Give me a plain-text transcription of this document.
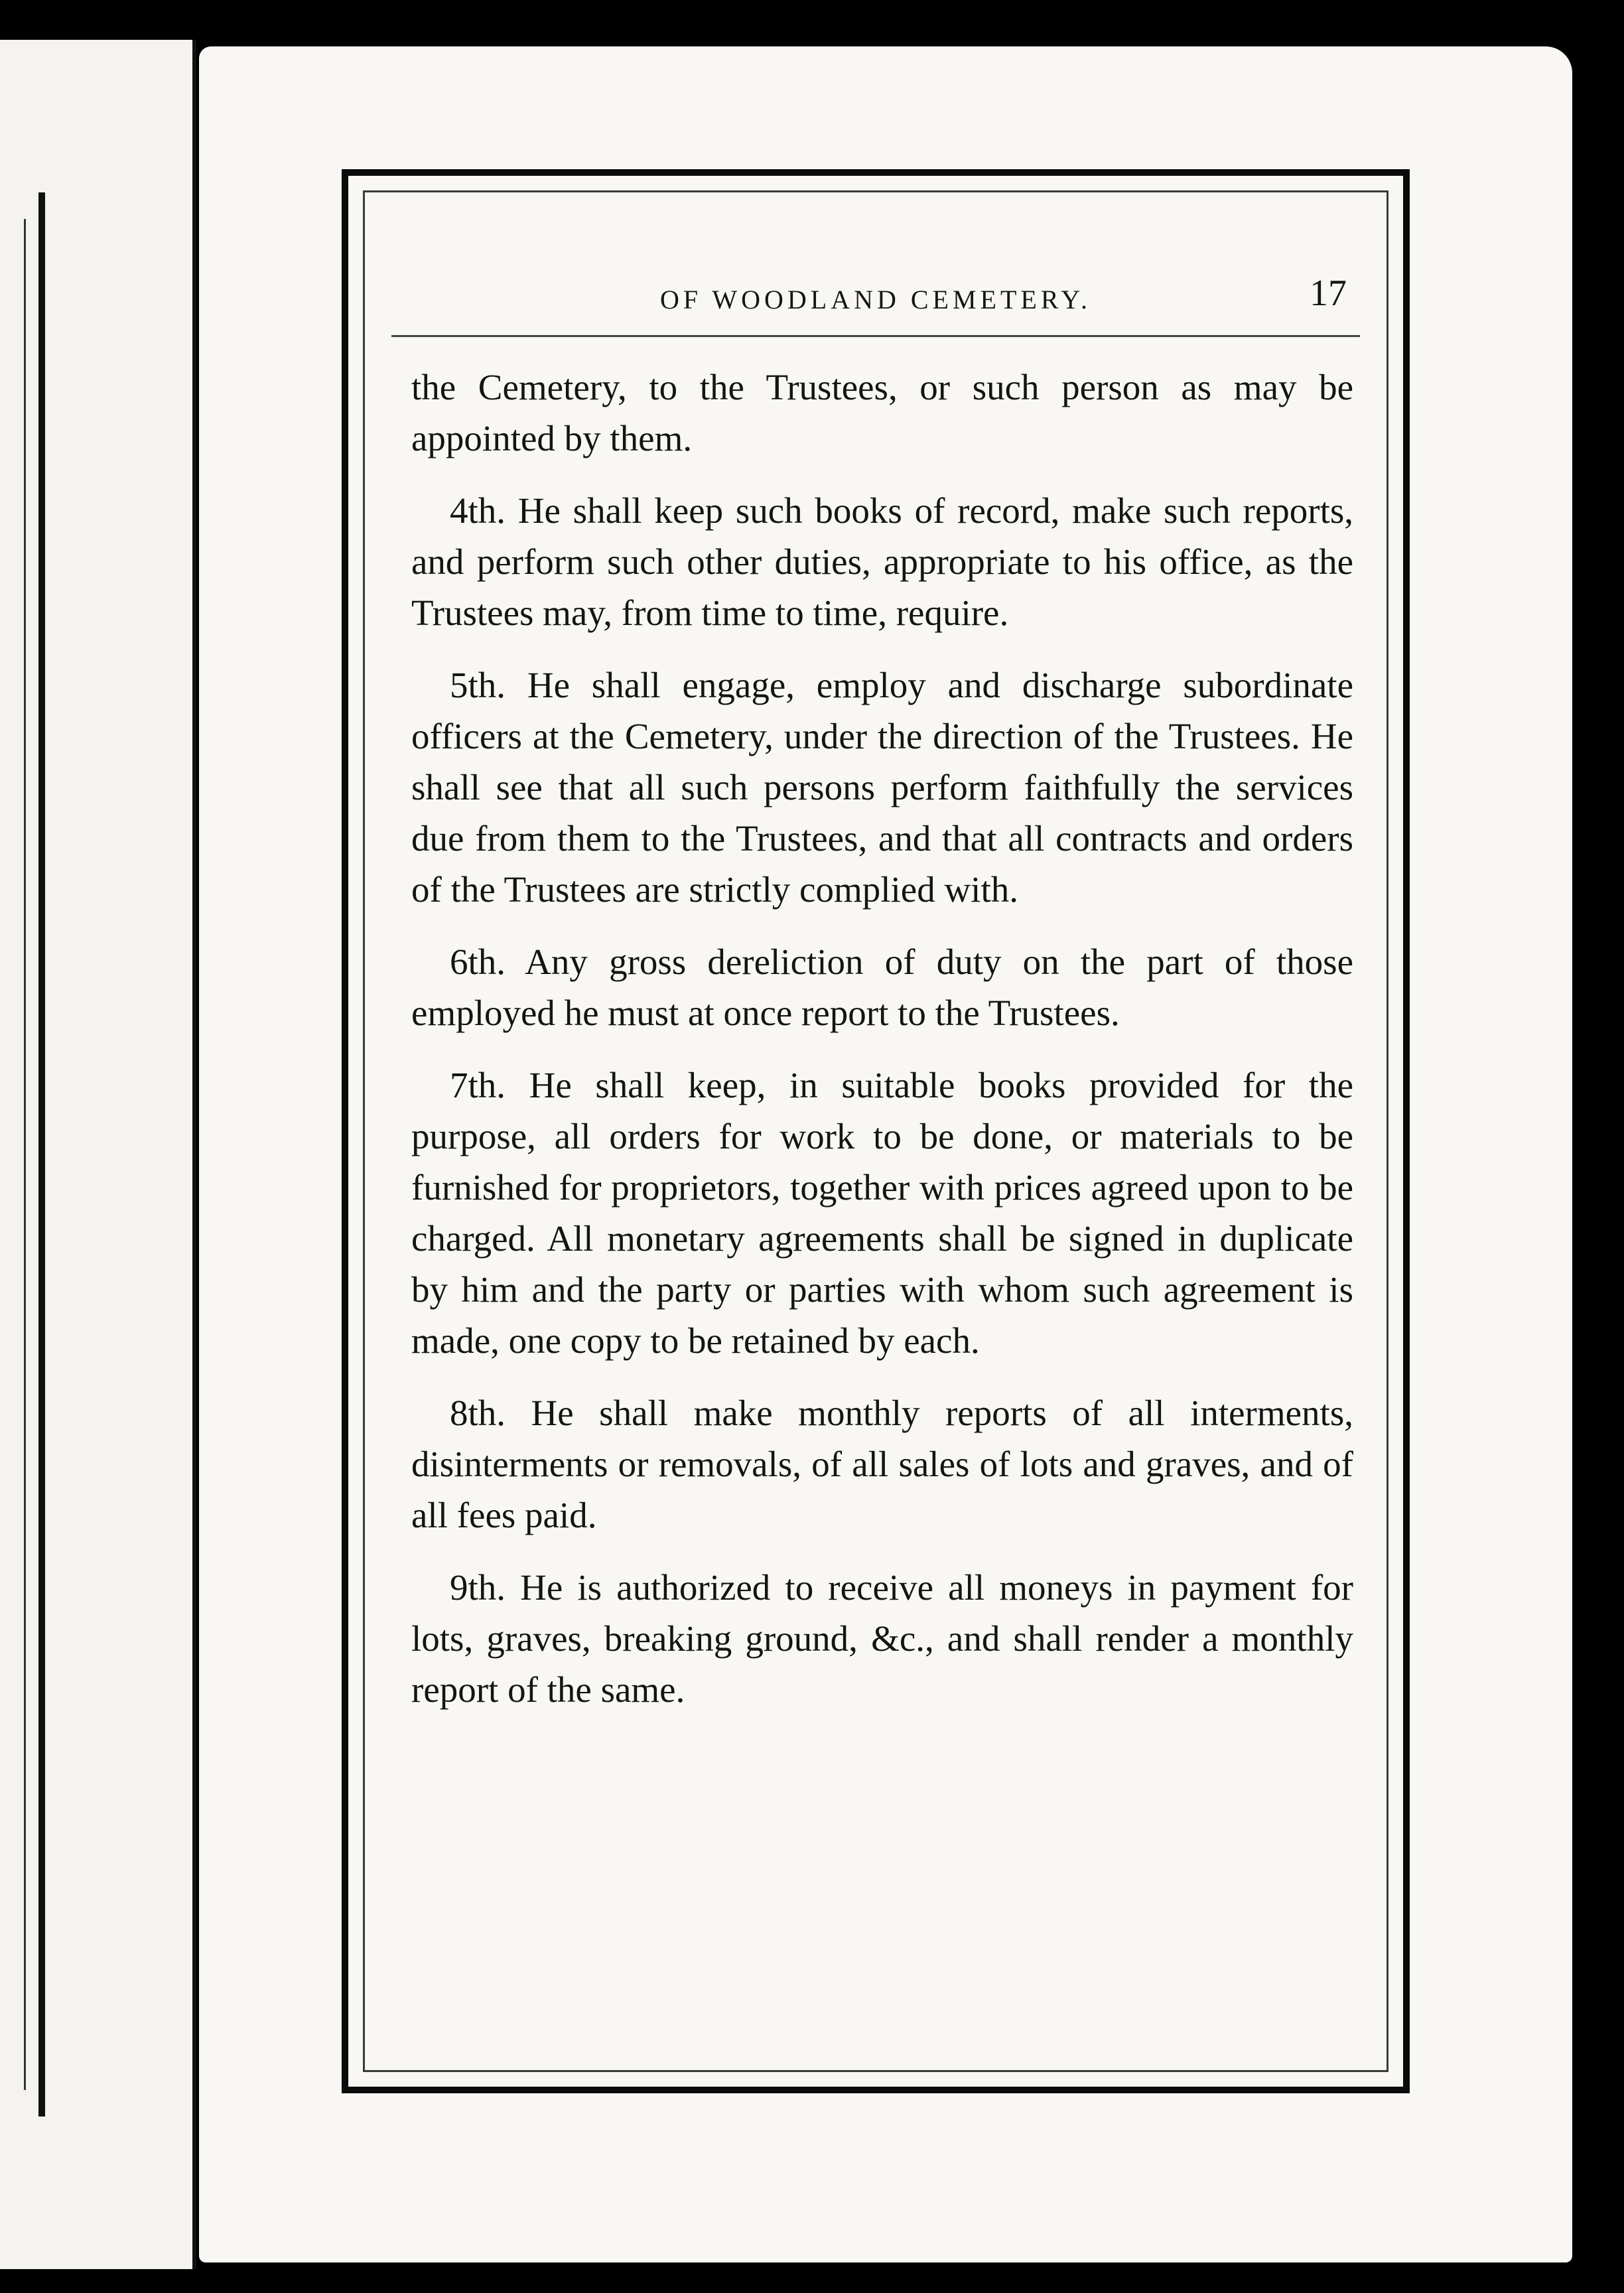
OF WOODLAND CEMETERY.	17

the Cemetery, to the Trustees, or such person as may be appointed by them.

4th. He shall keep such books of record, make such reports, and perform such other duties, appropriate to his office, as the Trustees may, from time to time, require.

5th. He shall engage, employ and discharge subordinate officers at the Cemetery, under the direction of the Trustees. He shall see that all such persons perform faithfully the services due from them to the Trustees, and that all contracts and orders of the Trustees are strictly complied with.

6th. Any gross dereliction of duty on the part of those employed he must at once report to the Trustees.

7th. He shall keep, in suitable books provided for the purpose, all orders for work to be done, or materials to be furnished for proprietors, together with prices agreed upon to be charged. All monetary agreements shall be signed in duplicate by him and the party or parties with whom such agreement is made, one copy to be retained by each.

8th. He shall make monthly reports of all interments, disinterments or removals, of all sales of lots and graves, and of all fees paid.

9th. He is authorized to receive all moneys in payment for lots, graves, breaking ground, &c., and shall render a monthly report of the same.
